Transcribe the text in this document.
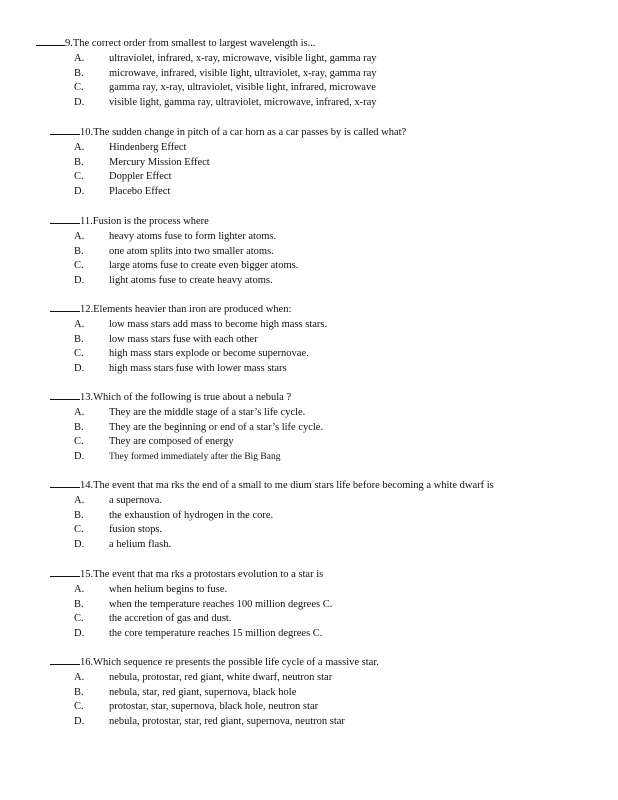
9.The correct order from smallest to largest wavelength is...
A. ultraviolet, infrared, x-ray, microwave, visible light, gamma ray
B. microwave, infrared, visible light, ultraviolet, x-ray, gamma ray
C. gamma ray, x-ray, ultraviolet, visible light, infrared, microwave
D. visible light, gamma ray, ultraviolet, microwave, infrared, x-ray
10.The sudden change in pitch of a car horn as a car passes by is called what?
A. Hindenberg Effect
B. Mercury Mission Effect
C. Doppler Effect
D. Placebo Effect
11.Fusion is the process where
A. heavy atoms fuse to form lighter atoms.
B. one atom splits into two smaller atoms.
C. large atoms fuse to create even bigger atoms.
D. light atoms fuse to create heavy atoms.
12.Elements heavier than iron are produced when:
A. low mass stars add mass to become high mass stars.
B. low mass stars fuse with each other
C. high mass stars explode or become supernovae.
D. high mass stars fuse with lower mass stars
13.Which of the following is true about a nebula ?
A. They are the middle stage of a star’s life cycle.
B. They are the beginning or end of a star’s life cycle.
C. They are composed of energy
D.	They formed immediately after the Big Bang
14.The event that ma rks the end of a small to me dium stars life before becoming a white dwarf is
A. a supernova.
B. the exhaustion of hydrogen in the core.
C. fusion stops.
D. a helium flash.
15.The event that ma rks a protostars evolution to a star is
A. when helium begins to fuse.
B. when the temperature reaches 100 million degrees C.
C. the accretion of gas and dust.
D. the core temperature reaches 15 million degrees C.
16.Which sequence re presents the possible life cycle of a massive star.
A. nebula, protostar, red giant, white dwarf, neutron star
B. nebula, star, red giant, supernova, black hole
C. protostar, star, supernova, black hole, neutron star
D. nebula, protostar, star, red giant, supernova, neutron star
